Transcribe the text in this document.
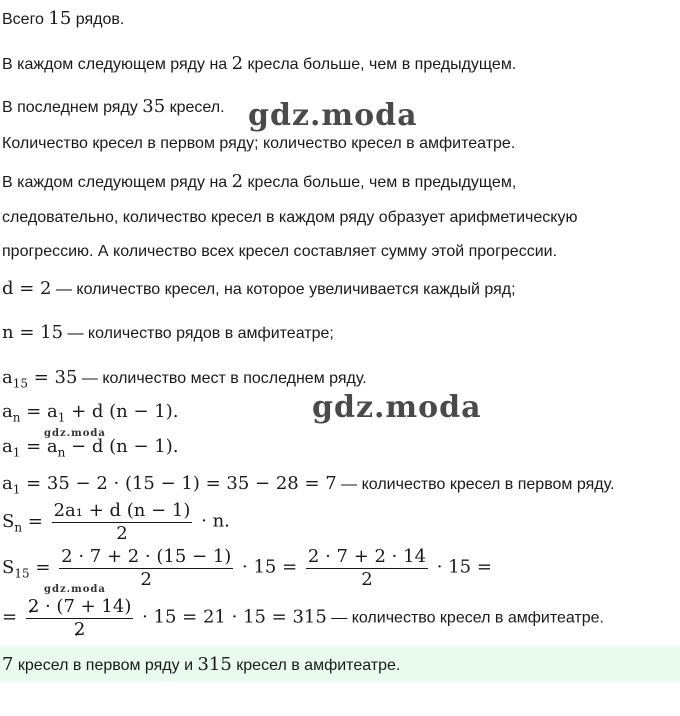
Всего 15 рядов.
В каждом следующем ряду на 2 кресла больше, чем в предыдущем.
В последнем ряду 35 кресел.
Количество кресел в первом ряду; количество кресел в амфитеатре.
В каждом следующем ряду на 2 кресла больше, чем в предыдущем,
следовательно, количество кресел в каждом ряду образует арифметическую
прогрессию. А количество всех кресел составляет сумму этой прогрессии.
d = 2 — количество кресел, на которое увеличивается каждый ряд;
n = 15 — количество рядов в амфитеатре;
$a_{15} = 35$ — количество мест в последнем ряду.
$a_n = a_1 + d$ (n − 1).
$a_1 = a_n - d$ (n − 1).
$a_1 = 35 - 2 \cdot (15 - 1) = 35 - 28 = 7$ — количество кресел в первом ряду.
$S_n = \frac{\text{2a₁ + d (n − 1)}}{2} \cdot n$.
$S_{15} = \frac{2 \cdot 7 + 2 \cdot (15 - 1)}{2} \cdot 15 = \frac{2 \cdot 7 + 2 \cdot 14}{2} \cdot 15$ =
= $\frac{2 \cdot (7 + 14)}{2} \cdot 15 = 21 \cdot 15 = 315$ — количество кресел в амфитеатре.
7 кресел в первом ряду и 315 кресел в амфитеатре.
gdz.moda
gdz.moda
gdz.moda
gdz.moda
